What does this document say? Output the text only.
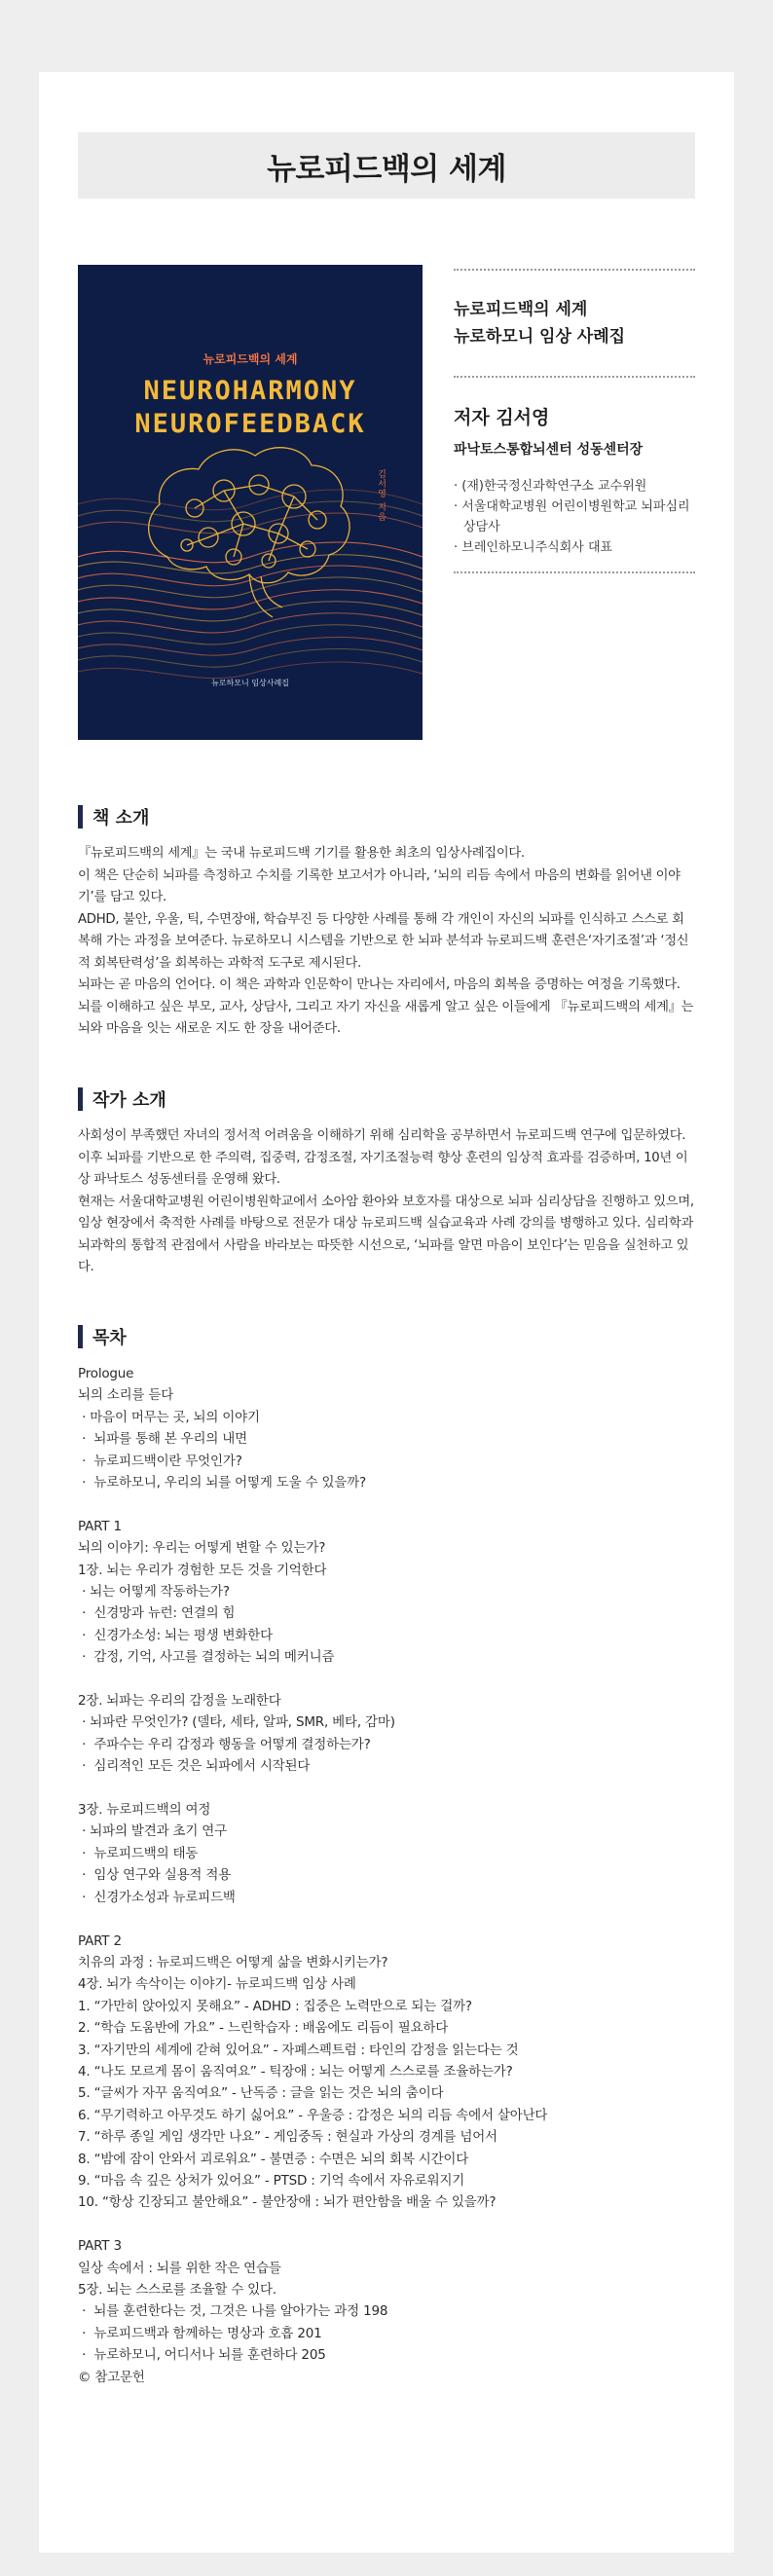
뉴로피드백의 세계
뉴로피드백의 세계
NEUROHARMONY
NEUROFEEDBACK
김서영 지음
뉴로하모니 임상사례집
뉴로피드백의 세계
뉴로하모니 임상 사례집
저자 김서영
파낙토스통합뇌센터 성동센터장
· (재)한국정신과학연구소 교수위원
· 서울대학교병원 어린이병원학교 뇌파심리상담사
· 브레인하모니주식회사 대표
책 소개
『뉴로피드백의 세계』는 국내 뉴로피드백 기기를 활용한 최초의 임상사례집이다.
이 책은 단순히 뇌파를 측정하고 수치를 기록한 보고서가 아니라, ‘뇌의 리듬 속에서 마음의 변화를 읽어낸 이야기’를 담고 있다.
ADHD, 불안, 우울, 틱, 수면장애, 학습부진 등 다양한 사례를 통해 각 개인이 자신의 뇌파를 인식하고 스스로 회복해 가는 과정을 보여준다. 뉴로하모니 시스템을 기반으로 한 뇌파 분석과 뉴로피드백 훈련은‘자기조절’과 ‘정신적 회복탄력성’을 회복하는 과학적 도구로 제시된다.
뇌파는 곧 마음의 언어다. 이 책은 과학과 인문학이 만나는 자리에서, 마음의 회복을 증명하는 여정을 기록했다. 뇌를 이해하고 싶은 부모, 교사, 상담사, 그리고 자기 자신을 새롭게 알고 싶은 이들에게 『뉴로피드백의 세계』는 뇌와 마음을 잇는 새로운 지도 한 장을 내어준다.
작가 소개
사회성이 부족했던 자녀의 정서적 어려움을 이해하기 위해 심리학을 공부하면서 뉴로피드백 연구에 입문하였다. 이후 뇌파를 기반으로 한 주의력, 집중력, 감정조절, 자기조절능력 향상 훈련의 임상적 효과를 검증하며, 10년 이상 파낙토스 성동센터를 운영해 왔다.
현재는 서울대학교병원 어린이병원학교에서 소아암 환아와 보호자를 대상으로 뇌파 심리상담을 진행하고 있으며, 임상 현장에서 축적한 사례를 바탕으로 전문가 대상 뉴로피드백 실습교육과 사례 강의를 병행하고 있다. 심리학과 뇌과학의 통합적 관점에서 사람을 바라보는 따뜻한 시선으로, ‘뇌파를 알면 마음이 보인다’는 믿음을 실천하고 있다.
목차
Prologue
뇌의 소리를 듣다
· 마음이 머무는 곳, 뇌의 이야기
·  뇌파를 통해 본 우리의 내면
·  뉴로피드백이란 무엇인가?
·  뉴로하모니, 우리의 뇌를 어떻게 도울 수 있을까?
PART 1
뇌의 이야기: 우리는 어떻게 변할 수 있는가?
1장. 뇌는 우리가 경험한 모든 것을 기억한다
· 뇌는 어떻게 작동하는가?
·  신경망과 뉴런: 연결의 힘
·  신경가소성: 뇌는 평생 변화한다
·  감정, 기억, 사고를 결정하는 뇌의 메커니즘
2장. 뇌파는 우리의 감정을 노래한다
· 뇌파란 무엇인가? (델타, 세타, 알파, SMR, 베타, 감마)
·  주파수는 우리 감정과 행동을 어떻게 결정하는가?
·  심리적인 모든 것은 뇌파에서 시작된다
3장. 뉴로피드백의 여정
· 뇌파의 발견과 초기 연구
·  뉴로피드백의 태동
·  임상 연구와 실용적 적용
·  신경가소성과 뉴로피드백
PART 2
치유의 과정 : 뉴로피드백은 어떻게 삶을 변화시키는가?
4장. 뇌가 속삭이는 이야기- 뉴로피드백 임상 사례
1. “가만히 앉아있지 못해요” - ADHD : 집중은 노력만으로 되는 걸까?
2. “학습 도움반에 가요” - 느린학습자 : 배움에도 리듬이 필요하다
3. “자기만의 세계에 갇혀 있어요” - 자폐스펙트럼 : 타인의 감정을 읽는다는 것
4. “나도 모르게 몸이 움직여요” - 틱장애 : 뇌는 어떻게 스스로를 조율하는가?
5. “글씨가 자꾸 움직여요” - 난독증 : 글을 읽는 것은 뇌의 춤이다
6. “무기력하고 아무것도 하기 싫어요” - 우울증 : 감정은 뇌의 리듬 속에서 살아난다
7. “하루 종일 게임 생각만 나요” - 게임중독 : 현실과 가상의 경계를 넘어서
8. “밤에 잠이 안와서 괴로워요” - 불면증 : 수면은 뇌의 회복 시간이다
9. “마음 속 깊은 상처가 있어요” - PTSD : 기억 속에서 자유로워지기
10. “항상 긴장되고 불안해요” - 불안장애 : 뇌가 편안함을 배울 수 있을까?
PART 3
일상 속에서 : 뇌를 위한 작은 연습들
5장. 뇌는 스스로를 조율할 수 있다.
·  뇌를 훈련한다는 것, 그것은 나를 알아가는 과정 198
·  뉴로피드백과 함께하는 명상과 호흡 201
·  뉴로하모니, 어디서나 뇌를 훈련하다 205
© 참고문헌
